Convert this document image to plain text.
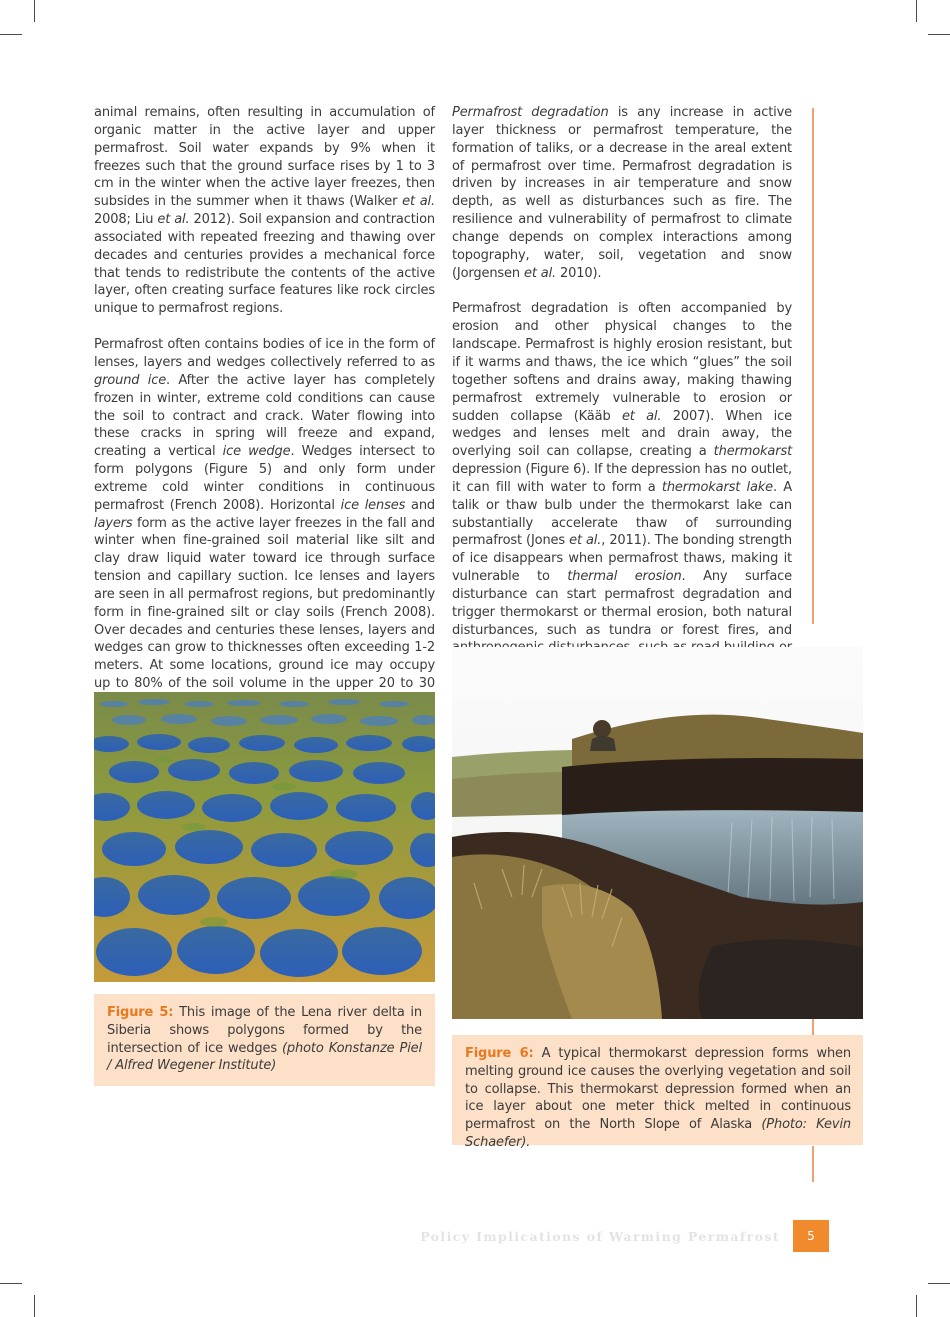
animal remains, often resulting in accumulation of organic matter in the active layer and upper permafrost. Soil water expands by 9% when it freezes such that the ground surface rises by 1 to 3 cm in the winter when the active layer freezes, then subsides in the summer when it thaws (Walker et al. 2008; Liu et al. 2012). Soil expansion and contraction associated with repeated freezing and thawing over decades and centuries provides a mechanical force that tends to redistribute the contents of the active layer, often creating surface features like rock circles unique to permafrost regions.

Permafrost often contains bodies of ice in the form of lenses, layers and wedges collectively referred to as ground ice. After the active layer has completely frozen in winter, extreme cold conditions can cause the soil to contract and crack. Water flowing into these cracks in spring will freeze and expand, creating a vertical ice wedge. Wedges intersect to form polygons (Figure 5) and only form under extreme cold winter conditions in continuous permafrost (French 2008). Horizontal ice lenses and layers form as the active layer freezes in the fall and winter when fine-grained soil material like silt and clay draw liquid water toward ice through surface tension and capillary suction. Ice lenses and layers are seen in all permafrost regions, but predominantly form in fine-grained silt or clay soils (French 2008). Over decades and centuries these lenses, layers and wedges can grow to thicknesses often exceeding 1-2 meters. At some locations, ground ice may occupy up to 80% of the soil volume in the upper 20 to 30

Permafrost degradation is any increase in active layer thickness or permafrost temperature, the formation of taliks, or a decrease in the areal extent of permafrost over time. Permafrost degradation is driven by increases in air temperature and snow depth, as well as disturbances such as fire. The resilience and vulnerability of permafrost to climate change depends on complex interactions among topography, water, soil, vegetation and snow (Jorgensen et al. 2010).

Permafrost degradation is often accompanied by erosion and other physical changes to the landscape. Permafrost is highly erosion resistant, but if it warms and thaws, the ice which “glues” the soil together softens and drains away, making thawing permafrost extremely vulnerable to erosion or sudden collapse (Kääb et al. 2007). When ice wedges and lenses melt and drain away, the overlying soil can collapse, creating a thermokarst depression (Figure 6). If the depression has no outlet, it can fill with water to form a thermokarst lake. A talik or thaw bulb under the thermokarst lake can substantially accelerate thaw of surrounding permafrost (Jones et al., 2011). The bonding strength of ice disappears when permafrost thaws, making it vulnerable to thermal erosion. Any surface disturbance can start permafrost degradation and trigger thermokarst or thermal erosion, both natural disturbances, such as tundra or forest fires, and

Figure 5: This image of the Lena river delta in Siberia shows polygons formed by the intersection of ice wedges (photo Konstanze Piel / Alfred Wegener Institute)
Figure 6: A typical thermokarst depression forms when melting ground ice causes the overlying vegetation and soil to collapse. This thermokarst depression formed when an ice layer about one meter thick melted in continuous permafrost on the North Slope of Alaska (Photo: Kevin Schaefer).
Policy Implications of Warming Permafrost	5
